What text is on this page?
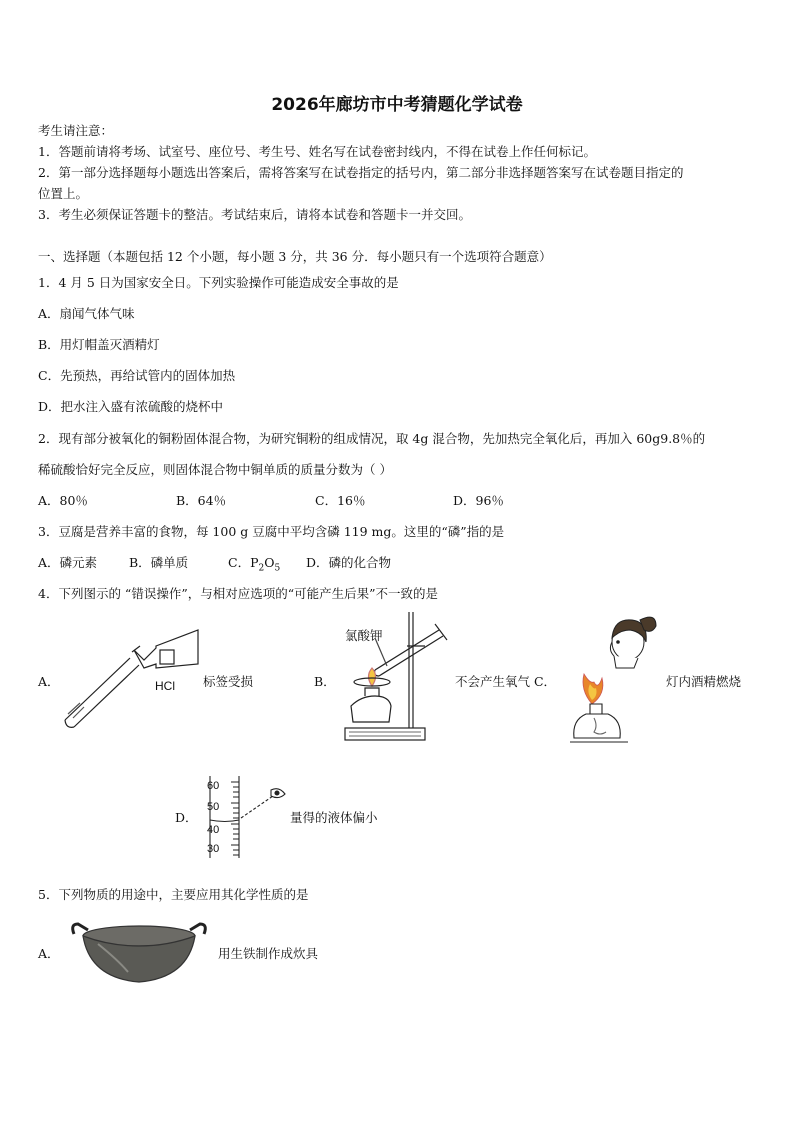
2026年廊坊市中考猜题化学试卷
考生请注意：
1．答题前请将考场、试室号、座位号、考生号、姓名写在试卷密封线内，不得在试卷上作任何标记。
2．第一部分选择题每小题选出答案后，需将答案写在试卷指定的括号内，第二部分非选择题答案写在试卷题目指定的
位置上。
3．考生必须保证答题卡的整洁。考试结束后，请将本试卷和答题卡一并交回。
一、选择题（本题包括 12 个小题，每小题 3 分，共 36 分．每小题只有一个选项符合题意）
1．4 月 5 日为国家安全日。下列实验操作可能造成安全事故的是
A．扇闻气体气味
B．用灯帽盖灭酒精灯
C．先预热，再给试管内的固体加热
D．把水注入盛有浓硫酸的烧杯中
2．现有部分被氧化的铜粉固体混合物，为研究铜粉的组成情况，取 4g 混合物，先加热完全氧化后，再加入 60g9.8％的
稀硫酸恰好完全反应，则固体混合物中铜单质的质量分数为（ ）
A．80％	B．64％	C．16％	D．96％
3．豆腐是营养丰富的食物，每 100 g 豆腐中平均含磷 119 mg。这里的“磷”指的是
A．磷元素	B．磷单质	C．$P_2O_5$ D．磷的化合物
4．下列图示的 “错误操作”，与相对应选项的“可能产生后果”不一致的是
A．	HCl 标签受损	B．
氯酸钾
不会产生氧气 C．	灯内酒精燃烧
D．
60
50
40
30
量得的液体偏小
5．下列物质的用途中，主要应用其化学性质的是
A．	用生铁制作成炊具
